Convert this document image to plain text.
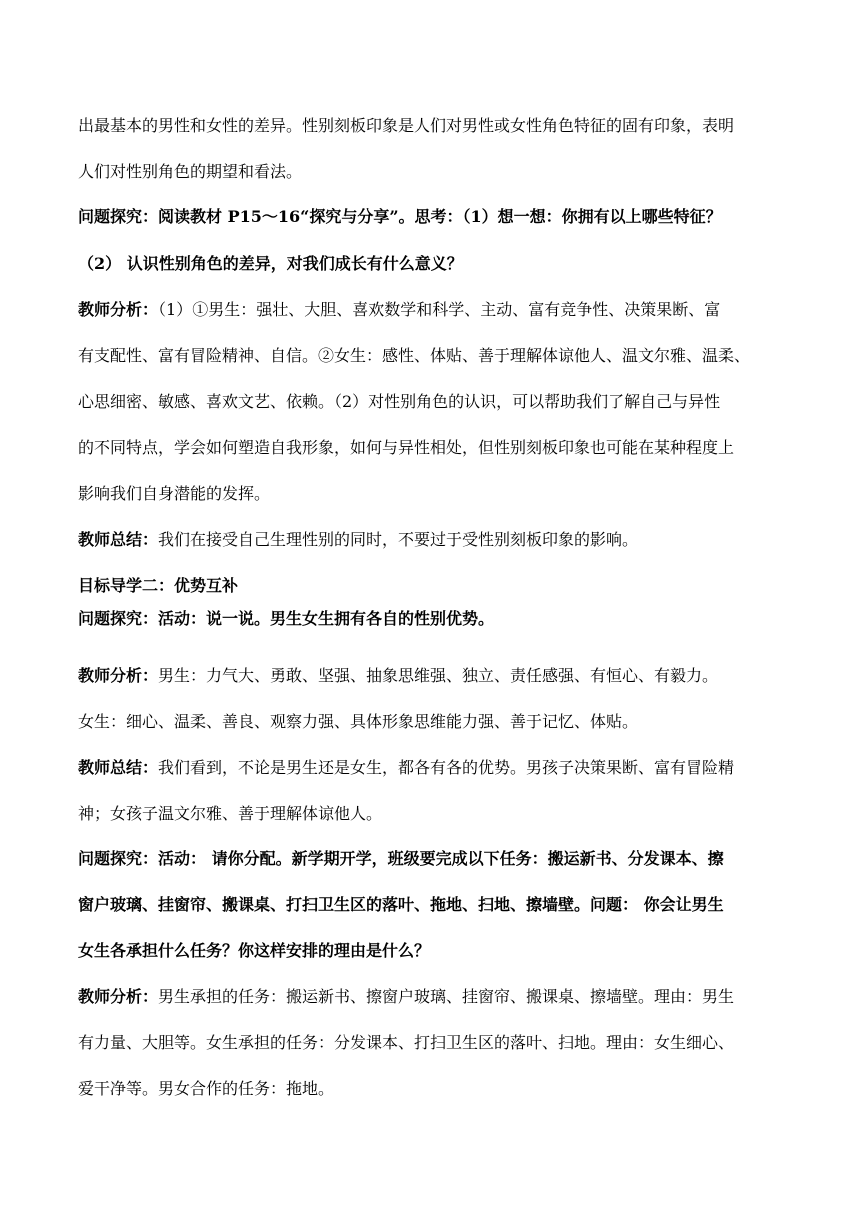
出最基本的男性和女性的差异。性别刻板印象是人们对男性或女性角色特征的固有印象，表明

人们对性别角色的期望和看法。

问题探究：阅读教材 P15～16“探究与分享”。思考：（1）想一想：你拥有以上哪些特征？

（2） 认识性别角色的差异，对我们成长有什么意义？

教师分析：（1）①男生：强壮、大胆、喜欢数学和科学、主动、富有竞争性、决策果断、富

有支配性、富有冒险精神、自信。②女生：感性、体贴、善于理解体谅他人、温文尔雅、温柔、

心思细密、敏感、喜欢文艺、依赖。（2）对性别角色的认识，可以帮助我们了解自己与异性

的不同特点，学会如何塑造自我形象，如何与异性相处，但性别刻板印象也可能在某种程度上

影响我们自身潜能的发挥。

教师总结：我们在接受自己生理性别的同时，不要过于受性别刻板印象的影响。

目标导学二：优势互补

问题探究：活动：说一说。男生女生拥有各自的性别优势。

教师分析：男生：力气大、勇敢、坚强、抽象思维强、独立、责任感强、有恒心、有毅力。

女生：细心、温柔、善良、观察力强、具体形象思维能力强、善于记忆、体贴。

教师总结：我们看到，不论是男生还是女生，都各有各的优势。男孩子决策果断、富有冒险精

神；女孩子温文尔雅、善于理解体谅他人。

问题探究：活动： 请你分配。新学期开学，班级要完成以下任务：搬运新书、分发课本、擦

窗户玻璃、挂窗帘、搬课桌、打扫卫生区的落叶、拖地、扫地、擦墙壁。问题： 你会让男生

女生各承担什么任务？你这样安排的理由是什么？

教师分析：男生承担的任务：搬运新书、擦窗户玻璃、挂窗帘、搬课桌、擦墙壁。理由：男生

有力量、大胆等。女生承担的任务：分发课本、打扫卫生区的落叶、扫地。理由：女生细心、

爱干净等。男女合作的任务：拖地。
